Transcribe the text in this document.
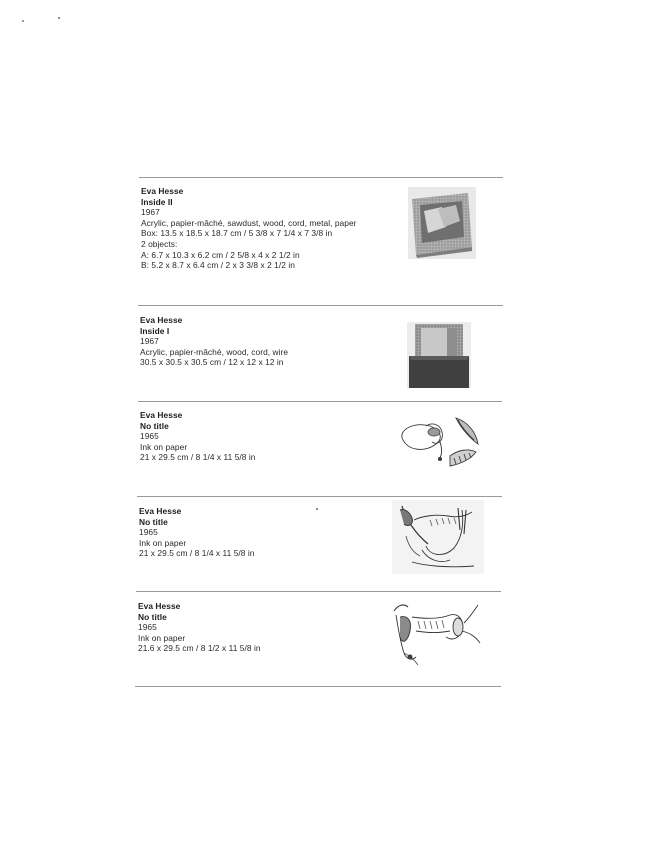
Eva Hesse
Inside II
1967
Acrylic, papier-mâché, sawdust, wood, cord, metal, paper
Box: 13.5 x 18.5 x 18.7 cm / 5 3/8 x 7 1/4 x 7 3/8 in
2 objects:
A: 6.7 x 10.3 x 6.2 cm / 2 5/8 x 4 x 2 1/2 in
B: 5.2 x 8.7 x 6.4 cm / 2 x 3 3/8 x 2 1/2 in
Eva Hesse
Inside I
1967
Acrylic, papier-mâché, wood, cord, wire
30.5 x 30.5 x 30.5 cm / 12 x 12 x 12 in
Eva Hesse
No title
1965
Ink on paper
21 x 29.5 cm / 8 1/4 x 11 5/8 in
Eva Hesse
No title
1965
Ink on paper
21 x 29.5 cm / 8 1/4 x 11 5/8 in
Eva Hesse
No title
1965
Ink on paper
21.6 x 29.5 cm / 8 1/2 x 11 5/8 in
